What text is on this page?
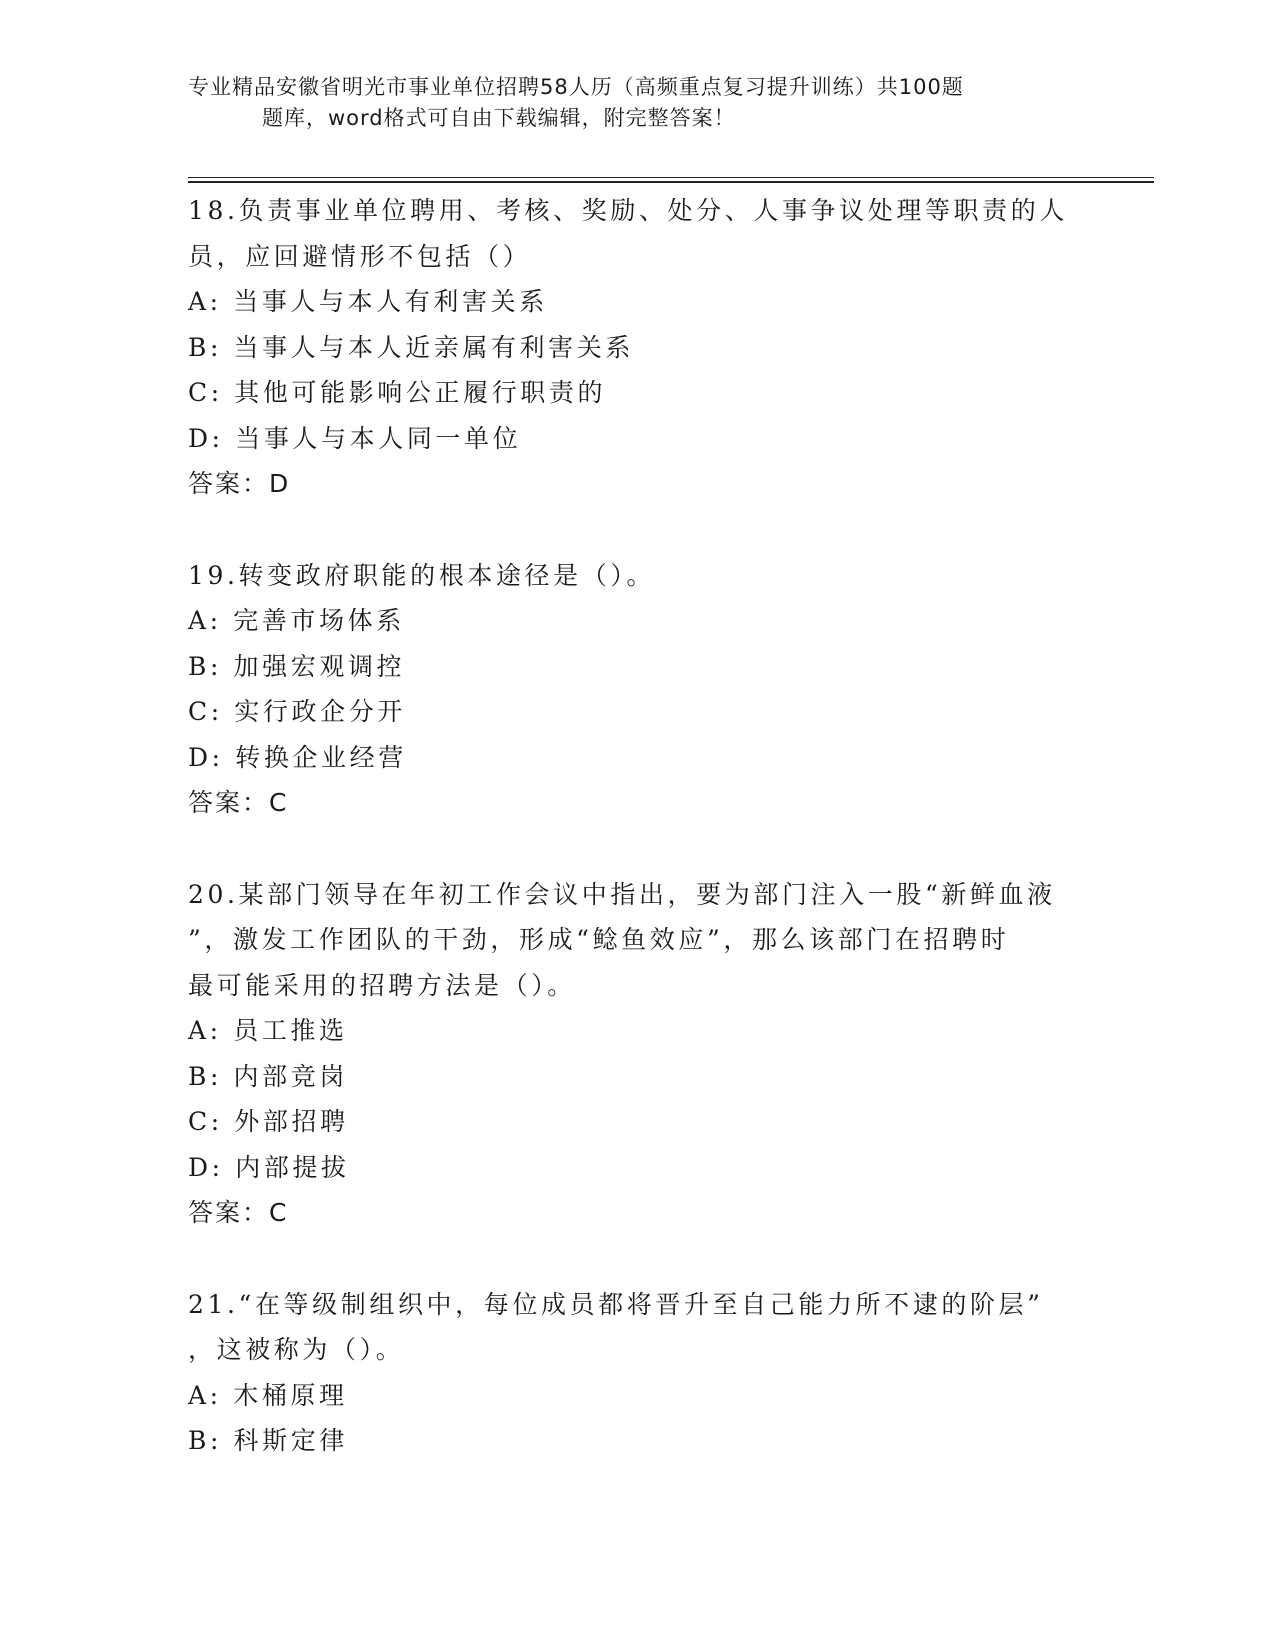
专业精品安徽省明光市事业单位招聘58人历（高频重点复习提升训练）共100题
题库，word格式可自由下载编辑，附完整答案！
18.负责事业单位聘用、考核、奖励、处分、人事争议处理等职责的人
员，应回避情形不包括（）
A: 当事人与本人有利害关系
B: 当事人与本人近亲属有利害关系
C: 其他可能影响公正履行职责的
D: 当事人与本人同一单位
答案：D
19.转变政府职能的根本途径是（）。
A: 完善市场体系
B: 加强宏观调控
C: 实行政企分开
D: 转换企业经营
答案：C
20.某部门领导在年初工作会议中指出，要为部门注入一股“新鲜血液
”，激发工作团队的干劲，形成“鲶鱼效应”，那么该部门在招聘时
最可能采用的招聘方法是（）。
A: 员工推选
B: 内部竞岗
C: 外部招聘
D: 内部提拔
答案：C
21.“在等级制组织中，每位成员都将晋升至自己能力所不逮的阶层”
，这被称为（）。
A: 木桶原理
B: 科斯定律
